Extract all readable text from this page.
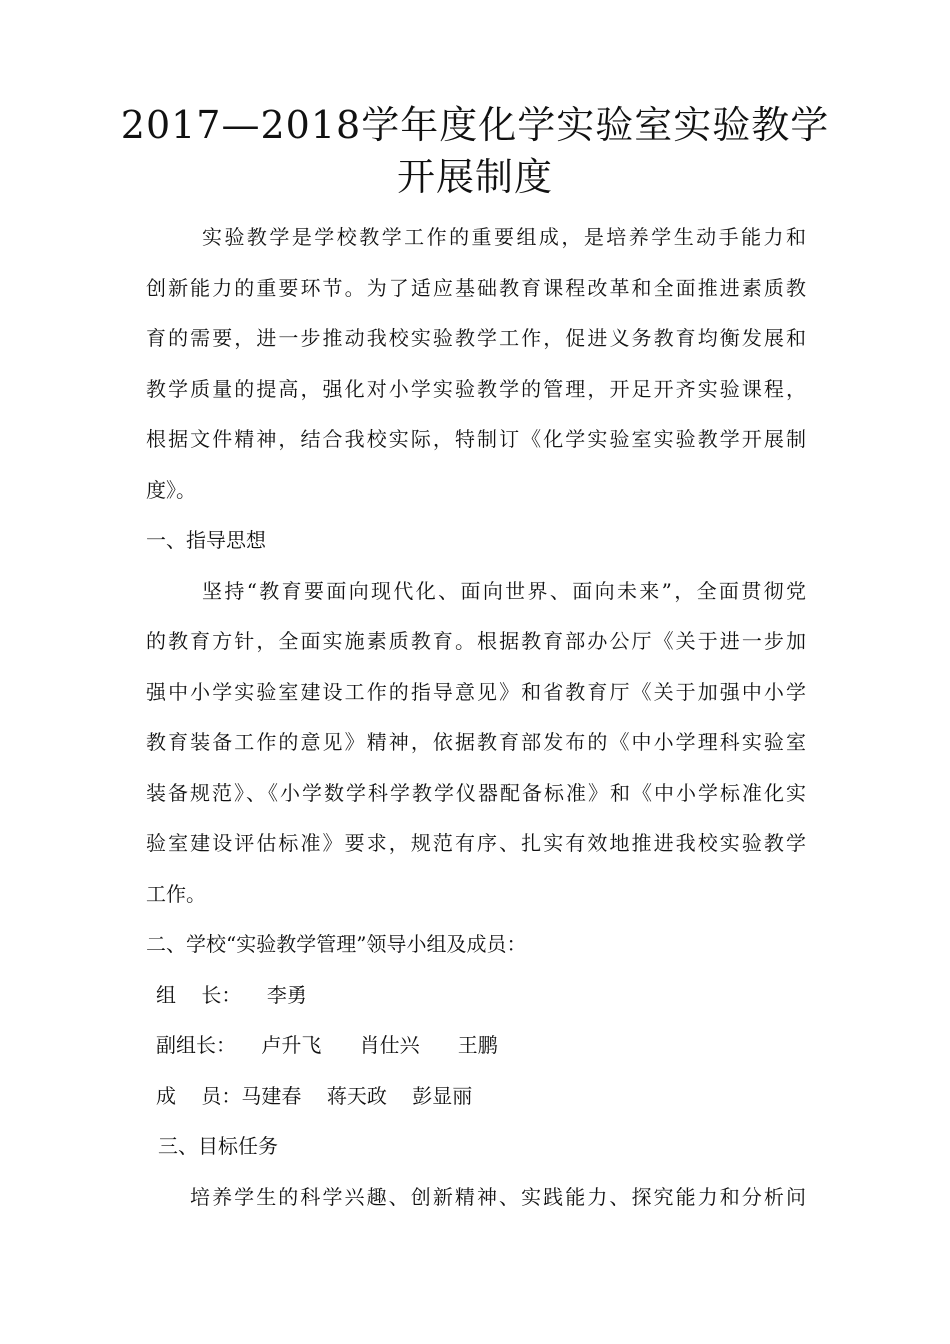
2017—2018学年度化学实验室实验教学
开展制度
实验教学是学校教学工作的重要组成，是培养学生动手能力和
创新能力的重要环节。为了适应基础教育课程改革和全面推进素质教
育的需要，进一步推动我校实验教学工作，促进义务教育均衡发展和
教学质量的提高，强化对小学实验教学的管理，开足开齐实验课程，
根据文件精神，结合我校实际，特制订《化学实验室实验教学开展制
度》。
一、指导思想
坚持“教育要面向现代化、面向世界、面向未来”，全面贯彻党
的教育方针，全面实施素质教育。根据教育部办公厅《关于进一步加
强中小学实验室建设工作的指导意见》和省教育厅《关于加强中小学
教育装备工作的意见》精神，依据教育部发布的《中小学理科实验室
装备规范》、《小学数学科学教学仪器配备标准》和《中小学标准化实
验室建设评估标准》要求，规范有序、扎实有效地推进我校实验教学
工作。
二、学校“实验教学管理”领导小组及成员：
组    长：    李勇
副组长：    卢升飞      肖仕兴      王鹏
成    员：马建春    蒋天政    彭显丽
三、目标任务
培养学生的科学兴趣、创新精神、实践能力、探究能力和分析问
